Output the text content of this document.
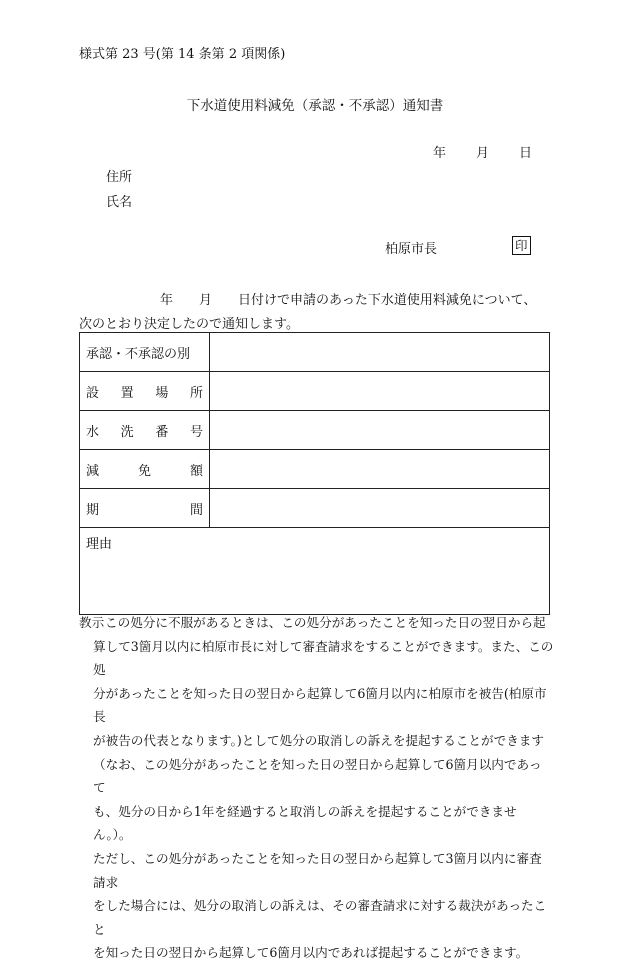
様式第 23 号(第 14 条第 2 項関係)
下水道使用料減免（承認・不承認）通知書
年 月 日
住所
氏名
柏原市長	印
年 月 日付けで申請のあった下水道使用料減免について、
次のとおり決定したので通知します。
承認・不承認の別	

設 置 場 所	

水 洗 番 号	

減 免 額	

期 間	

理由	
教示 この処分に不服があるときは、この処分があったことを知った日の翌日から起

算して3箇月以内に柏原市長に対して審査請求をすることができます。また、この処

分があったことを知った日の翌日から起算して6箇月以内に柏原市を被告(柏原市長

が被告の代表となります。)として処分の取消しの訴えを提起することができます

（なお、この処分があったことを知った日の翌日から起算して6箇月以内であって

も、処分の日から1年を経過すると取消しの訴えを提起することができません。）。

ただし、この処分があったことを知った日の翌日から起算して3箇月以内に審査請求

をした場合には、処分の取消しの訴えは、その審査請求に対する裁決があったこと

を知った日の翌日から起算して6箇月以内であれば提起することができます。
